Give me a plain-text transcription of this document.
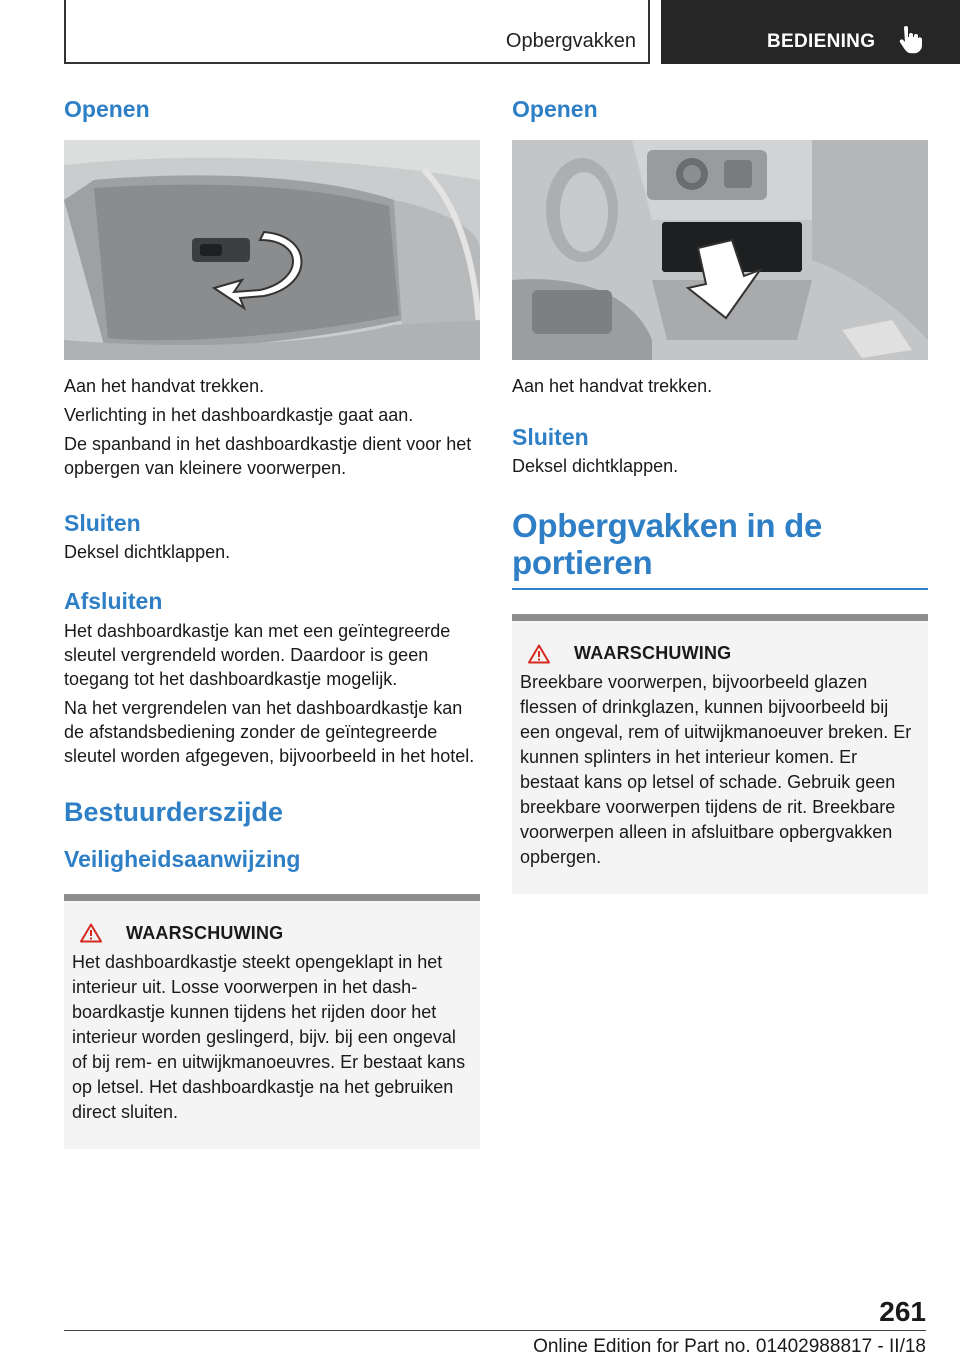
Opbergvakken	BEDIENING
Openen
Aan het handvat trekken.
Verlichting in het dashboardkastje gaat aan.
De spanband in het dashboardkastje dient voor het opbergen van kleinere voorwerpen.
Sluiten
Deksel dichtklappen.
Afsluiten
Het dashboardkastje kan met een geïntegreerde sleutel vergrendeld worden. Daardoor is geen toegang tot het dashboardkastje mogelijk.
Na het vergrendelen van het dashboardkastje kan de afstandsbediening zonder de geïntegreerde sleutel worden afgegeven, bijvoorbeeld in het hotel.
Bestuurderszijde
Veiligheidsaanwijzing
WAARSCHUWING
Het dashboardkastje steekt opengeklapt in het interieur uit. Losse voorwerpen in het dashboardkastje kunnen tijdens het rijden door het interieur worden geslingerd, bijv. bij een ongeval of bij rem- en uitwijkmanoeuvres. Er bestaat kans op letsel. Het dashboardkastje na het gebruiken direct sluiten.
Openen
Aan het handvat trekken.
Sluiten
Deksel dichtklappen.
Opbergvakken in de portieren
WAARSCHUWING
Breekbare voorwerpen, bijvoorbeeld glazen flessen of drinkglazen, kunnen bijvoorbeeld bij een ongeval, rem of uitwijkmanoeuver breken. Er kunnen splinters in het interieur komen. Er bestaat kans op letsel of schade. Gebruik geen breekbare voorwerpen tijdens de rit. Breekbare voorwerpen alleen in afsluitbare opbergvakken opbergen.
261
Online Edition for Part no. 01402988817 - II/18
